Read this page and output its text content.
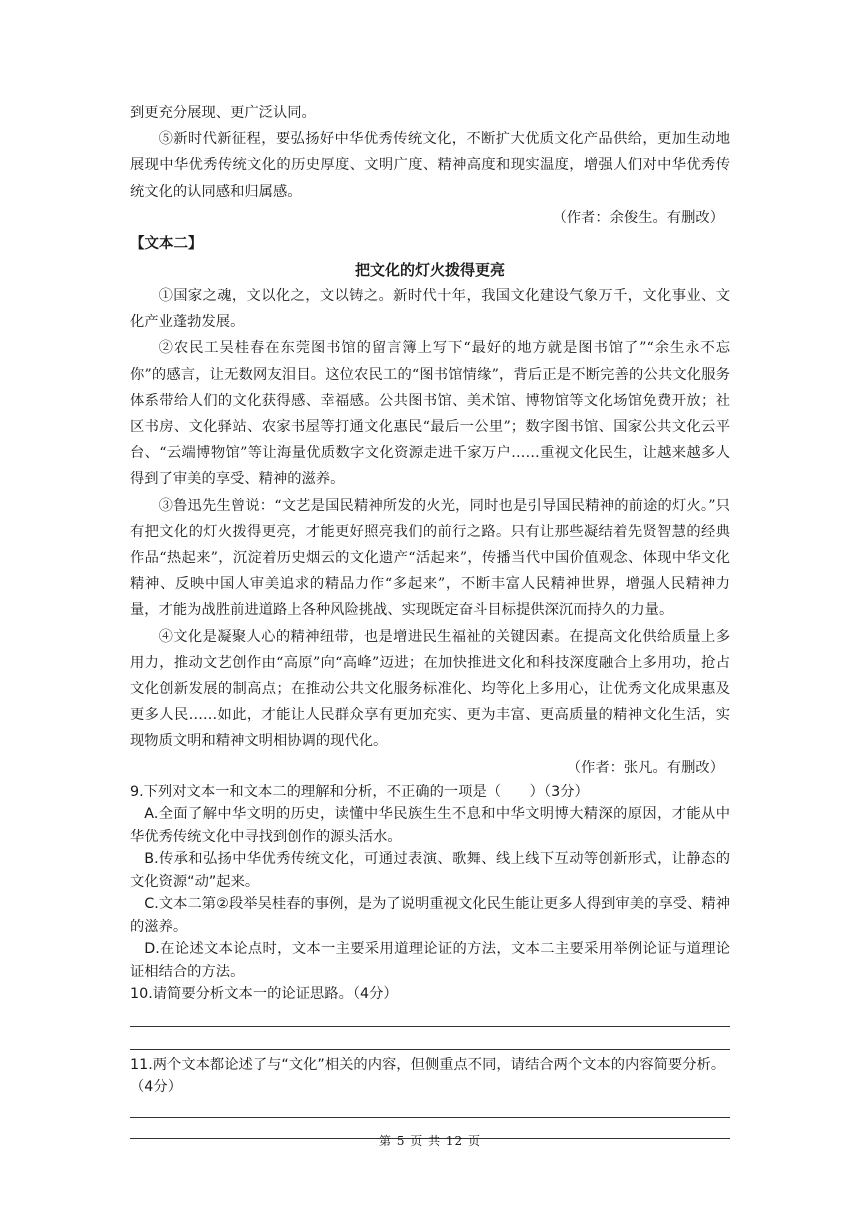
到更充分展现、更广泛认同。

⑤新时代新征程，要弘扬好中华优秀传统文化，不断扩大优质文化产品供给，更加生动地展现中华优秀传统文化的历史厚度、文明广度、精神高度和现实温度，增强人们对中华优秀传统文化的认同感和归属感。

（作者：余俊生。有删改）

【文本二】

把文化的灯火拨得更亮

①国家之魂，文以化之，文以铸之。新时代十年，我国文化建设气象万千，文化事业、文化产业蓬勃发展。

②农民工吴桂春在东莞图书馆的留言簿上写下“最好的地方就是图书馆了”“余生永不忘你”的感言，让无数网友泪目。这位农民工的“图书馆情缘”，背后正是不断完善的公共文化服务体系带给人们的文化获得感、幸福感。公共图书馆、美术馆、博物馆等文化场馆免费开放；社区书房、文化驿站、农家书屋等打通文化惠民“最后一公里”；数字图书馆、国家公共文化云平台、“云端博物馆”等让海量优质数字文化资源走进千家万户……重视文化民生，让越来越多人得到了审美的享受、精神的滋养。

③鲁迅先生曾说：“文艺是国民精神所发的火光，同时也是引导国民精神的前途的灯火。”只有把文化的灯火拨得更亮，才能更好照亮我们的前行之路。只有让那些凝结着先贤智慧的经典作品“热起来”，沉淀着历史烟云的文化遗产“活起来”，传播当代中国价值观念、体现中华文化精神、反映中国人审美追求的精品力作“多起来”，不断丰富人民精神世界，增强人民精神力量，才能为战胜前进道路上各种风险挑战、实现既定奋斗目标提供深沉而持久的力量。

④文化是凝聚人心的精神纽带，也是增进民生福祉的关键因素。在提高文化供给质量上多用力，推动文艺创作由“高原”向“高峰”迈进；在加快推进文化和科技深度融合上多用功，抢占文化创新发展的制高点；在推动公共文化服务标准化、均等化上多用心，让优秀文化成果惠及更多人民……如此，才能让人民群众享有更加充实、更为丰富、更高质量的精神文化生活，实现物质文明和精神文明相协调的现代化。

（作者：张凡。有删改）

9.下列对文本一和文本二的理解和分析，不正确的一项是（　　）（3分）

A.全面了解中华文明的历史，读懂中华民族生生不息和中华文明博大精深的原因，才能从中华优秀传统文化中寻找到创作的源头活水。

B.传承和弘扬中华优秀传统文化，可通过表演、歌舞、线上线下互动等创新形式，让静态的文化资源“动”起来。

C.文本二第②段举吴桂春的事例，是为了说明重视文化民生能让更多人得到审美的享受、精神的滋养。

D.在论述文本论点时，文本一主要采用道理论证的方法，文本二主要采用举例论证与道理论证相结合的方法。

10.请简要分析文本一的论证思路。（4分）

11.两个文本都论述了与“文化”相关的内容，但侧重点不同，请结合两个文本的内容简要分析。

（4分）

第 5 页 共 12 页
